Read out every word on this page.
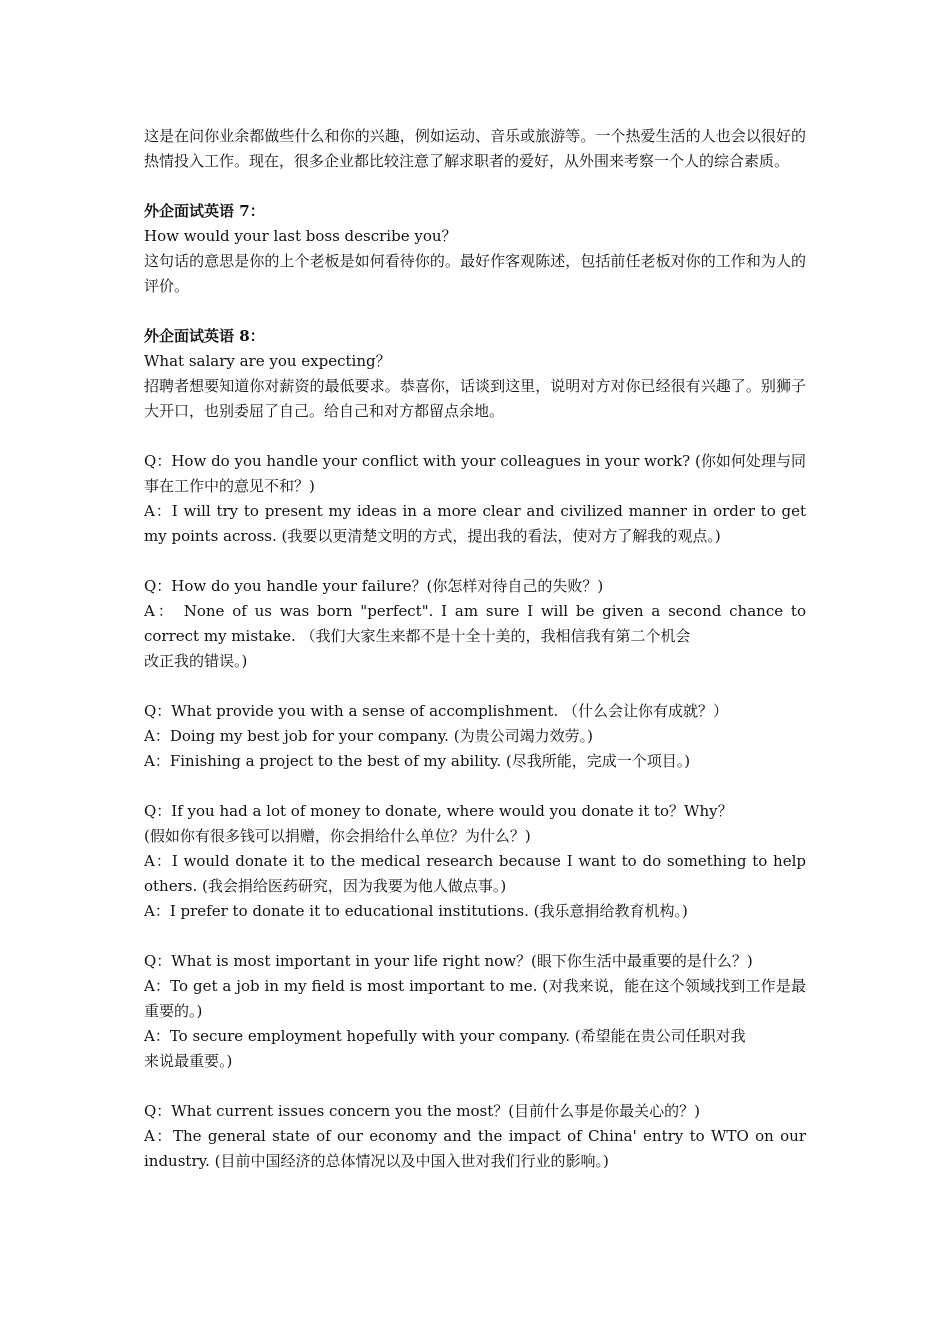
这是在问你业余都做些什么和你的兴趣，例如运动、音乐或旅游等。一个热爱生活的人也会以很好的热情投入工作。现在，很多企业都比较注意了解求职者的爱好，从外围来考察一个人的综合素质。

外企面试英语 7：

How would your last boss describe you？

这句话的意思是你的上个老板是如何看待你的。最好作客观陈述，包括前任老板对你的工作和为人的评价。

外企面试英语 8：

What salary are you expecting？

招聘者想要知道你对薪资的最低要求。恭喜你，话谈到这里，说明对方对你已经很有兴趣了。别狮子大开口，也别委屈了自己。给自己和对方都留点余地。

Q：How do you handle your conflict with your colleagues in your work? (你如何处理与同事在工作中的意见不和？)

A：I will try to present my ideas in a more clear and civilized manner in order to get my points across. (我要以更清楚文明的方式，提出我的看法，使对方了解我的观点。)

Q：How do you handle your failure？(你怎样对待自己的失败？)

A： None of us was born "perfect". I am sure I will be given a second chance to correct my mistake. （我们大家生来都不是十全十美的，我相信我有第二个机会

改正我的错误。)

Q：What provide you with a sense of accomplishment. （什么会让你有成就？）

A：Doing my best job for your company. (为贵公司竭力效劳。)

A：Finishing a project to the best of my ability. (尽我所能，完成一个项目。)

Q：If you had a lot of money to donate, where would you donate it to？Why？

(假如你有很多钱可以捐赠，你会捐给什么单位？为什么？)

A：I would donate it to the medical research because I want to do something to help others. (我会捐给医药研究，因为我要为他人做点事。)

A：I prefer to donate it to educational institutions. (我乐意捐给教育机构。)

Q：What is most important in your life right now？(眼下你生活中最重要的是什么？)

A：To get a job in my field is most important to me. (对我来说，能在这个领域找到工作是最重要的。)

A：To secure employment hopefully with your company. (希望能在贵公司任职对我

来说最重要。)

Q：What current issues concern you the most？(目前什么事是你最关心的？)

A：The general state of our economy and the impact of China' entry to WTO on our industry. (目前中国经济的总体情况以及中国入世对我们行业的影响。)
